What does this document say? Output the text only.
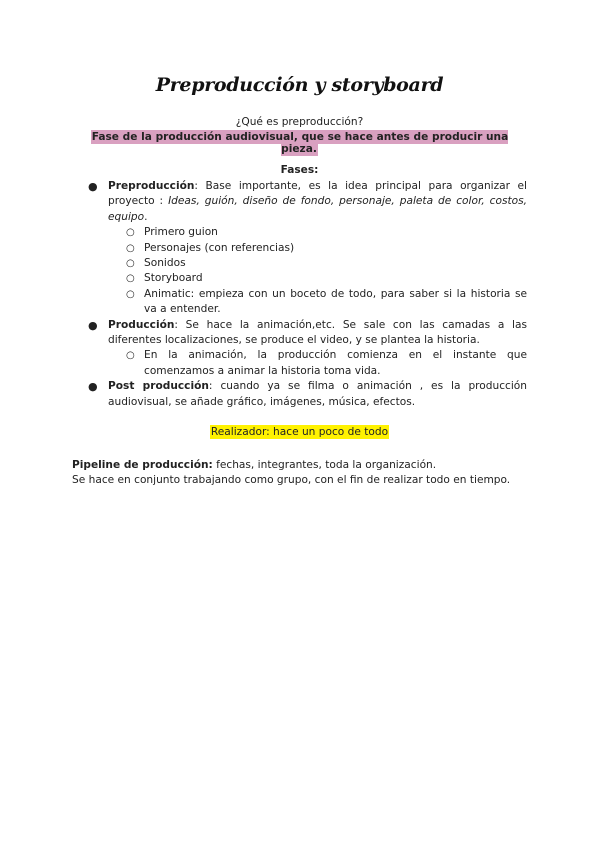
Preproducción y storyboard
¿Qué es preproducción?
Fase de la producción audiovisual, que se hace antes de producir una pieza.
Fases:
● Preproducción: Base importante, es la idea principal para organizar el proyecto : Ideas, guión, diseño de fondo, personaje, paleta de color, costos, equipo.
○ Primero guion
○ Personajes (con referencias)
○ Sonidos
○ Storyboard
○ Animatic: empieza con un boceto de todo, para saber si la historia se va a entender.
● Producción: Se hace la animación,etc. Se sale con las camadas a las diferentes localizaciones, se produce el video, y se plantea la historia.
○ En la animación, la producción comienza en el instante que comenzamos a animar la historia toma vida.
● Post producción: cuando ya se filma o animación , es la producción audiovisual, se añade gráfico, imágenes, música, efectos.
Realizador: hace un poco de todo
Pipeline de producción: fechas, integrantes, toda la organización.
Se hace en conjunto trabajando como grupo, con el fin de realizar todo en tiempo.
